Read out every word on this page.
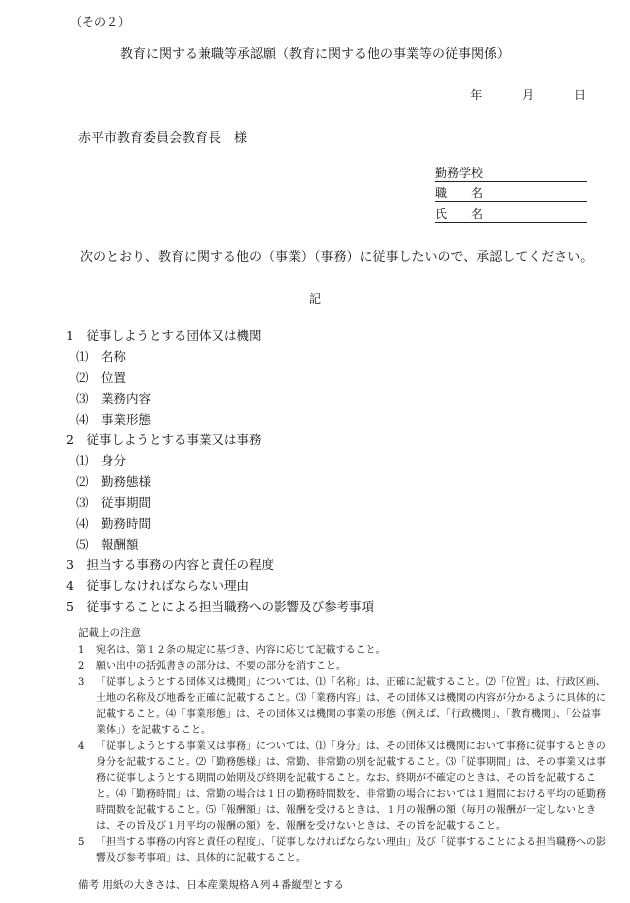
（その２）
教育に関する兼職等承認願（教育に関する他の事業等の従事関係）
年	月	日
赤平市教育委員会教育長　様
勤務学校
職　　名
氏　　名
次のとおり、教育に関する他の（事業）（事務）に従事したいので、承認してください。
記
1　従事しようとする団体又は機関
⑴　名称
⑵　位置
⑶　業務内容
⑷　事業形態
2　従事しようとする事業又は事務
⑴　身分
⑵　勤務態様
⑶　従事期間
⑷　勤務時間
⑸　報酬額
3　担当する事務の内容と責任の程度
4　従事しなければならない理由
5　従事することによる担当職務への影響及び参考事項
記載上の注意
1 宛名は、第１２条の規定に基づき、内容に応じて記載すること。
2 願い出中の括弧書きの部分は、不要の部分を消すこと。
3 「従事しようとする団体又は機関」については、⑴「名称」は、正確に記載すること。⑵「位置」は、行政区画、土地の名称及び地番を正確に記載すること。⑶「業務内容」は、その団体又は機関の内容が分かるように具体的に記載すること。⑷「事業形態」は、その団体又は機関の事業の形態（例えば、「行政機関」、「教育機関」、「公益事業体」）を記載すること。
4 「従事しようとする事業又は事務」については、⑴「身分」は、その団体又は機関において事務に従事するときの身分を記載すること。⑵「勤務態様」は、常勤、非常勤の別を記載すること。⑶「従事期間」は、その事業又は事務に従事しようとする期間の始期及び終期を記載すること。なお、終期が不確定のときは、その旨を記載すること。⑷「勤務時間」は、常勤の場合は１日の勤務時間数を、非常勤の場合においては１週間における平均の延勤務時間数を記載すること。⑸「報酬額」は、報酬を受けるときは、１月の報酬の額（毎月の報酬が一定しないときは、その旨及び１月平均の報酬の額）を、報酬を受けないときは、その旨を記載すること。
5 「担当する事務の内容と責任の程度」、「従事しなければならない理由」及び「従事することによる担当職務への影響及び参考事項」は、具体的に記載すること。
備考 用紙の大きさは、日本産業規格Ａ列４番縦型とする
